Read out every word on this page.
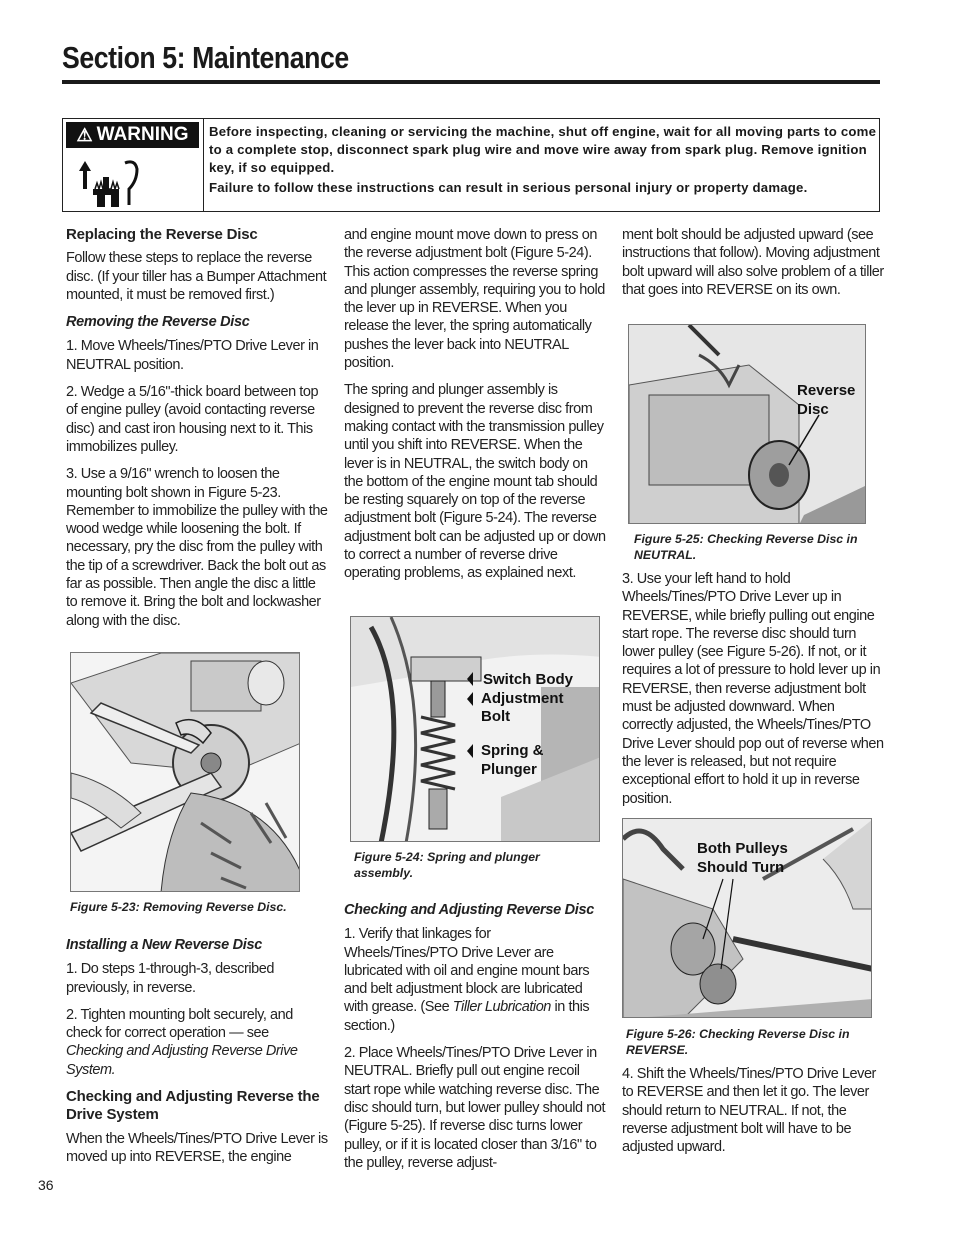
Section 5: Maintenance
⚠ WARNING Before inspecting, cleaning or servicing the machine, shut off engine, wait for all moving parts to come to a complete stop, disconnect spark plug wire and move wire away from spark plug. Remove ignition key, if so equipped.

Failure to follow these instructions can result in serious personal injury or property damage.

Replacing the Reverse Disc

Follow these steps to replace the reverse disc. (If your tiller has a Bumper Attachment mounted, it must be removed first.)

Removing the Reverse Disc

1. Move Wheels/Tines/PTO Drive Lever in NEUTRAL position.

2. Wedge a 5/16"-thick board between top of engine pulley (avoid contacting reverse disc) and cast iron housing next to it. This immobilizes pulley.

3. Use a 9/16" wrench to loosen the mounting bolt shown in Figure 5-23. Remember to immobilize the pulley with the wood wedge while loosening the bolt. If necessary, pry the disc from the pulley with the tip of a screwdriver. Back the bolt out as far as possible. Then angle the disc a little to remove it. Bring the bolt and lockwasher along with the disc.

Figure 5-23: Removing Reverse Disc.
Installing a New Reverse Disc

1. Do steps 1-through-3, described previously, in reverse.

2. Tighten mounting bolt securely, and check for correct operation — see Checking and Adjusting Reverse Drive System.

Checking and Adjusting Reverse the Drive System

When the Wheels/Tines/PTO Drive Lever is moved up into REVERSE, the engine

and engine mount move down to press on the reverse adjustment bolt (Figure 5-24). This action compresses the reverse spring and plunger assembly, requiring you to hold the lever up in REVERSE. When you release the lever, the spring automatically pushes the lever back into NEUTRAL position.

The spring and plunger assembly is designed to prevent the reverse disc from making contact with the transmission pulley until you shift into REVERSE. When the lever is in NEUTRAL, the switch body on the bottom of the engine mount tab should be resting squarely on top of the reverse adjustment bolt (Figure 5-24). The reverse adjustment bolt can be adjusted up or down to correct a number of reverse drive operating problems, as explained next.

Switch Body
Adjustment
Bolt
Spring &
Plunger
Figure 5-24: Spring and plunger assembly.
Checking and Adjusting Reverse Disc

1. Verify that linkages for Wheels/Tines/PTO Drive Lever are lubricated with oil and engine mount bars and belt adjustment block are lubricated with grease. (See Tiller Lubrication in this section.)

2. Place Wheels/Tines/PTO Drive Lever in NEUTRAL. Briefly pull out engine recoil start rope while watching reverse disc. The disc should turn, but lower pulley should not (Figure 5-25). If reverse disc turns lower pulley, or if it is located closer than 3/16" to the pulley, reverse adjust-

ment bolt should be adjusted upward (see instructions that follow). Moving adjustment bolt upward will also solve problem of a tiller that goes into REVERSE on its own.

Reverse
Disc
Figure 5-25: Checking Reverse Disc in NEUTRAL.

3. Use your left hand to hold Wheels/Tines/PTO Drive Lever up in REVERSE, while briefly pulling out engine start rope. The reverse disc should turn lower pulley (see Figure 5-26). If not, or it requires a lot of pressure to hold lever up in REVERSE, then reverse adjustment bolt must be adjusted downward. When correctly adjusted, the Wheels/Tines/PTO Drive Lever should pop out of reverse when the lever is released, but not require exceptional effort to hold it up in reverse position.

Both Pulleys
Should Turn
Figure 5-26: Checking Reverse Disc in REVERSE.

4. Shift the Wheels/Tines/PTO Drive Lever to REVERSE and then let it go. The lever should return to NEUTRAL. If not, the reverse adjustment bolt will have to be adjusted upward.

36
